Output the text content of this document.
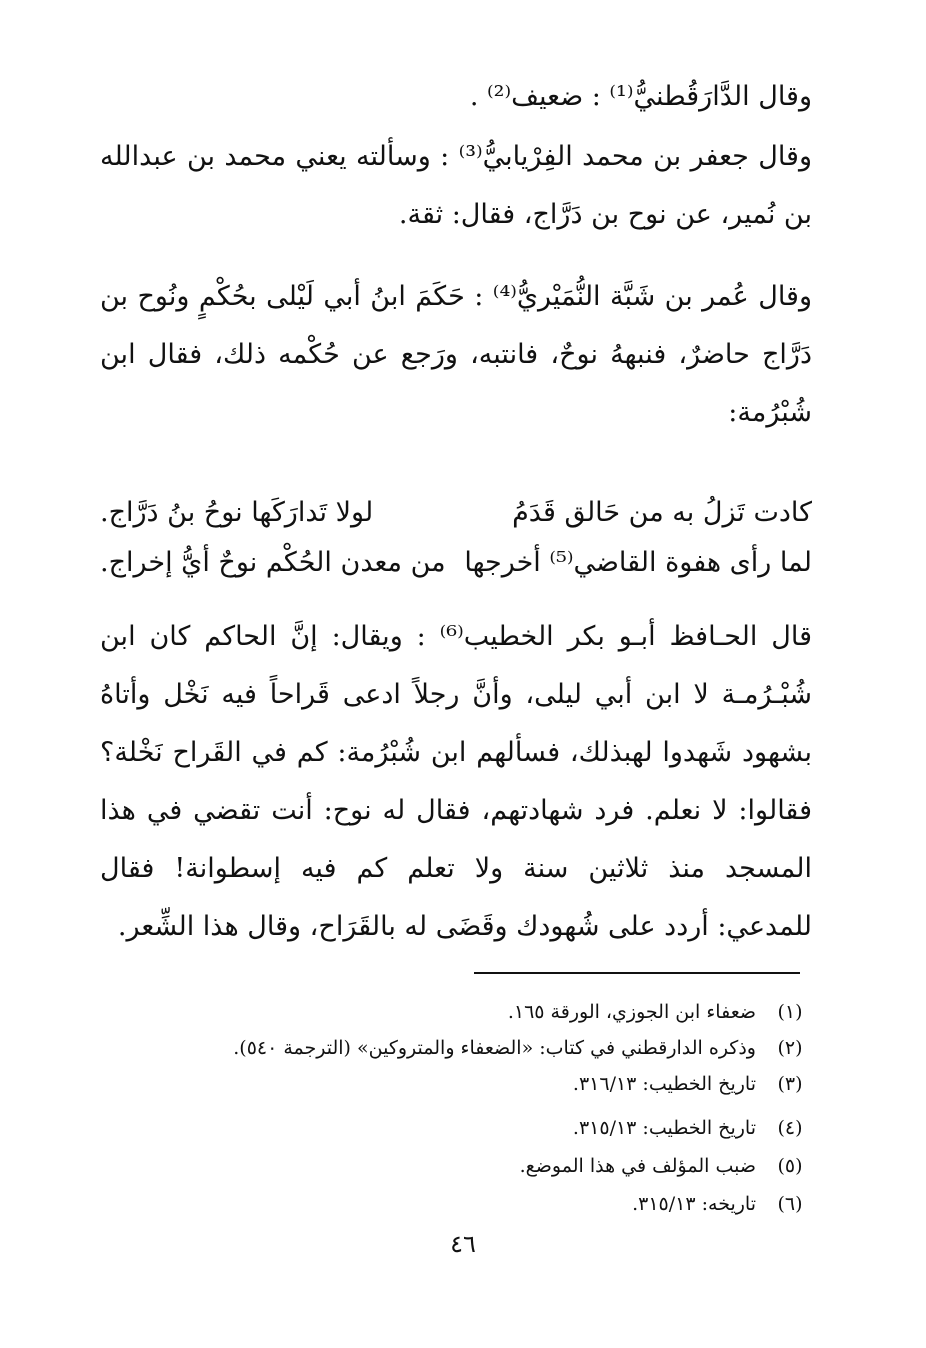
وقال الدَّارَقُطنيُّ⁽¹⁾ : ضعيف⁽²⁾ .
وقال جعفر بن محمد الفِرْيابيُّ⁽³⁾ : وسألته يعني محمد بن عبدالله بن نُمير، عن نوح بن دَرَّاج، فقال: ثقة.
وقال عُمر بن شَبَّة النُّمَيْريُّ⁽⁴⁾ : حَكَمَ ابنُ أبي لَيْلى بحُكْمٍ ونُوح بن دَرَّاج حاضرٌ، فنبههُ نوحٌ، فانتبه، ورَجع عن حُكْمه ذلك، فقال ابن شُبْرُمة:
كادت تَزلُ به من حَالق قَدَمُ
لولا تَدارَكَها نوحُ بنُ دَرَّاج.
لما رأى هفوة القاضي⁽⁵⁾ أخرجها
من معدن الحُكْم نوحٌ أيُّ إخراج.
قال الحـافظ أبـو بكر الخطيب⁽⁶⁾ : ويقال: إنَّ الحاكم كان ابن شُبْـرُمـة لا ابن أبي ليلى، وأنَّ رجلاً ادعى قَراحاً فيه نَخْل وأتاهُ بشهود شَهدوا لهبذلك، فسألهم ابن شُبْرُمة: كم في القَراح نَخْلة؟ فقالوا: لا نعلم. فرد شهادتهم، فقال له نوح: أنت تقضي في هذا المسجد منذ ثلاثين سنة ولا تعلم كم فيه إسطوانة! فقال للمدعي: أردد على شُهودك وقَضَى له بالقَرَاح، وقال هذا الشِّعر.
(١)ضعفاء ابن الجوزي، الورقة ١٦٥.
(٢)وذكره الدارقطني في كتاب: «الضعفاء والمتروكين» (الترجمة ٥٤٠).
(٣)تاريخ الخطيب: ٣١٦/١٣.
(٤)تاريخ الخطيب: ٣١٥/١٣.
(٥)ضبب المؤلف في هذا الموضع.
(٦)تاريخه: ٣١٥/١٣.
٤٦
